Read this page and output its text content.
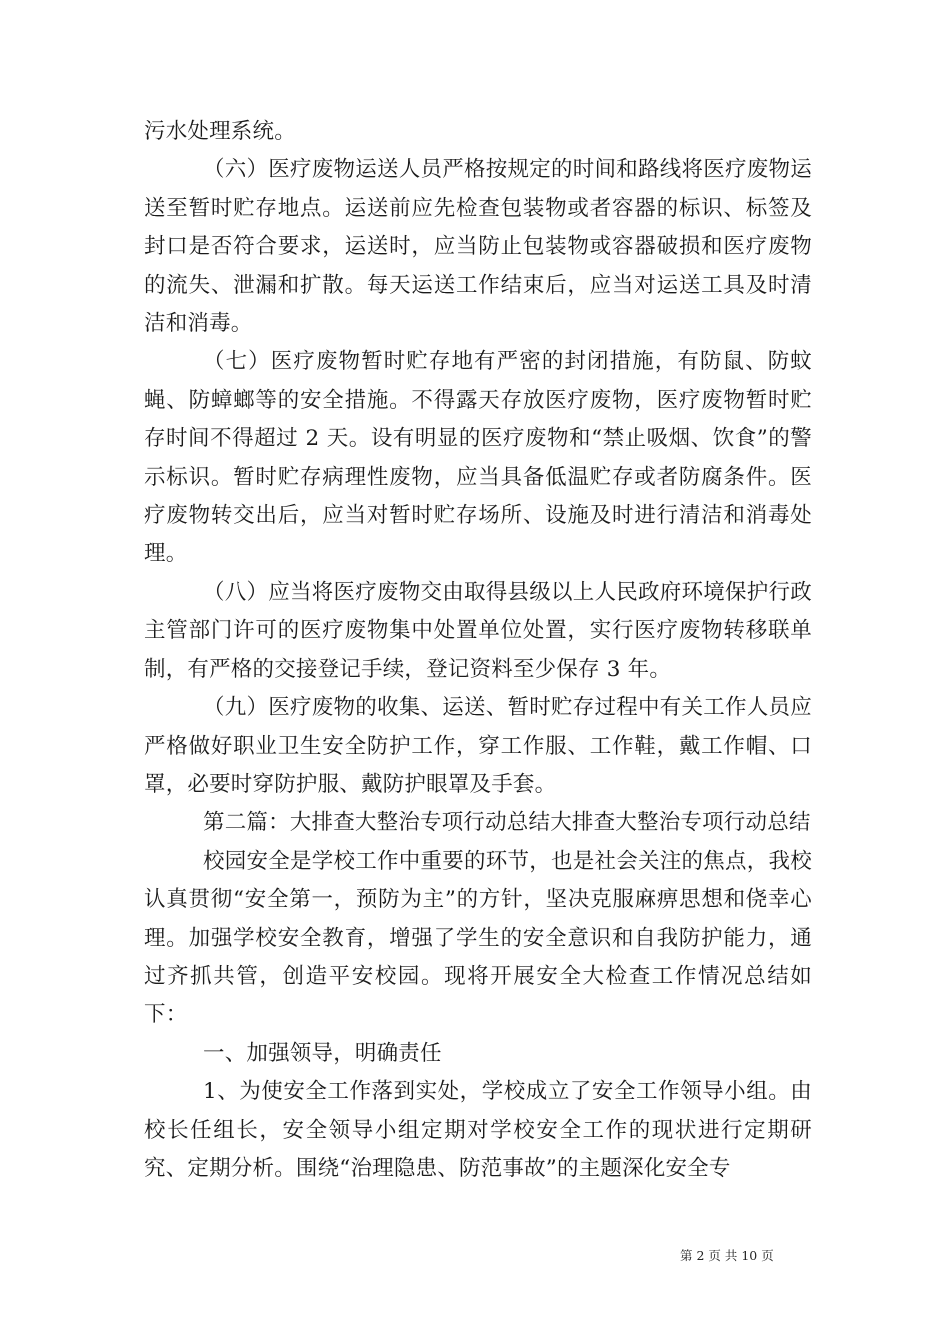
污水处理系统。

（六）医疗废物运送人员严格按规定的时间和路线将医疗废物运送至暂时贮存地点。运送前应先检查包装物或者容器的标识、标签及封口是否符合要求，运送时，应当防止包装物或容器破损和医疗废物的流失、泄漏和扩散。每天运送工作结束后，应当对运送工具及时清洁和消毒。

（七）医疗废物暂时贮存地有严密的封闭措施，有防鼠、防蚊蝇、防蟑螂等的安全措施。不得露天存放医疗废物，医疗废物暂时贮存时间不得超过 2 天。设有明显的医疗废物和“禁止吸烟、饮食”的警示标识。暂时贮存病理性废物，应当具备低温贮存或者防腐条件。医疗废物转交出后，应当对暂时贮存场所、设施及时进行清洁和消毒处理。

（八）应当将医疗废物交由取得县级以上人民政府环境保护行政主管部门许可的医疗废物集中处置单位处置，实行医疗废物转移联单制，有严格的交接登记手续，登记资料至少保存 3 年。

（九）医疗废物的收集、运送、暂时贮存过程中有关工作人员应严格做好职业卫生安全防护工作，穿工作服、工作鞋，戴工作帽、口罩，必要时穿防护服、戴防护眼罩及手套。

第二篇：大排查大整治专项行动总结大排查大整治专项行动总结

校园安全是学校工作中重要的环节，也是社会关注的焦点，我校认真贯彻“安全第一，预防为主”的方针，坚决克服麻痹思想和侥幸心理。加强学校安全教育，增强了学生的安全意识和自我防护能力，通过齐抓共管，创造平安校园。现将开展安全大检查工作情况总结如下：

一、加强领导，明确责任

1、为使安全工作落到实处，学校成立了安全工作领导小组。由校长任组长，安全领导小组定期对学校安全工作的现状进行定期研究、定期分析。围绕“治理隐患、防范事故”的主题深化安全专

第 2 页 共 10 页
